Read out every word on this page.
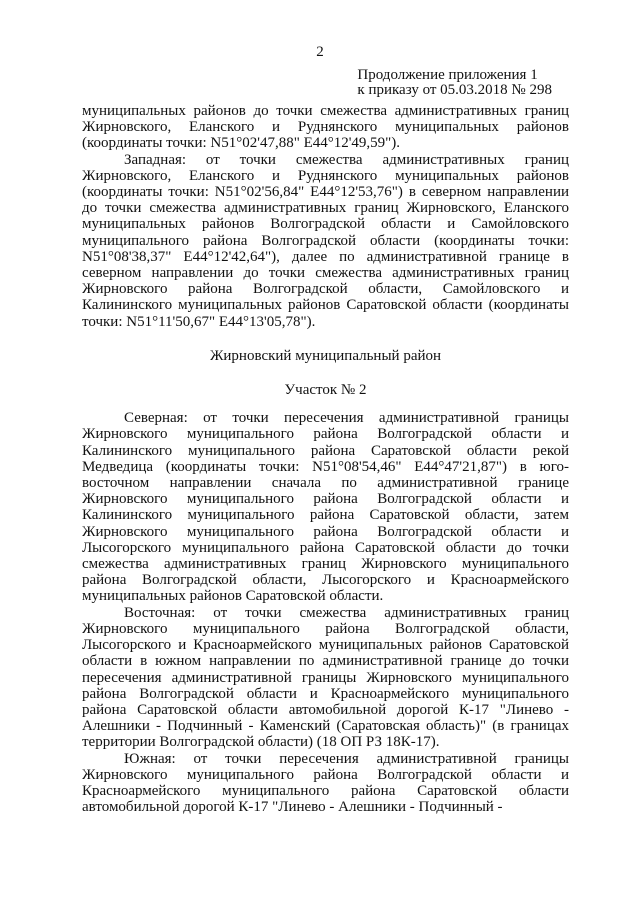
2
Продолжение приложения 1
к приказу от 05.03.2018 № 298

муниципальных районов до точки смежества административных границ Жирновского, Еланского и Руднянского муниципальных районов (координаты точки: N51°02'47,88" E44°12'49,59").

Западная: от точки смежества административных границ Жирновского, Еланского и Руднянского муниципальных районов (координаты точки: N51°02'56,84" E44°12'53,76") в северном направлении до точки смежества административных границ Жирновского, Еланского муниципальных районов Волгоградской области и Самойловского муниципального района Волгоградской области (координаты точки: N51°08'38,37" E44°12'42,64"), далее по административной границе в северном направлении до точки смежества административных границ Жирновского района Волгоградской области, Самойловского и Калининского муниципальных районов Саратовской области (координаты точки: N51°11'50,67" E44°13'05,78").

Жирновский муниципальный район

Участок № 2

Северная: от точки пересечения административной границы Жирновского муниципального района Волгоградской области и Калининского муниципального района Саратовской области рекой Медведица (координаты точки: N51°08'54,46" E44°47'21,87") в юго-восточном направлении сначала по административной границе Жирновского муниципального района Волгоградской области и Калининского муниципального района Саратовской области, затем Жирновского муниципального района Волгоградской области и Лысогорского муниципального района Саратовской области до точки смежества административных границ Жирновского муниципального района Волгоградской области, Лысогорского и Красноармейского муниципальных районов Саратовской области.

Восточная: от точки смежества административных границ Жирновского муниципального района Волгоградской области, Лысогорского и Красноармейского муниципальных районов Саратовской области в южном направлении по административной границе до точки пересечения административной границы Жирновского муниципального района Волгоградской области и Красноармейского муниципального района Саратовской области автомобильной дорогой К-17 "Линево - Алешники - Подчинный - Каменский (Саратовская область)" (в границах территории Волгоградской области) (18 ОП РЗ 18К-17).

Южная: от точки пересечения административной границы Жирновского муниципального района Волгоградской области и Красноармейского муниципального района Саратовской области автомобильной дорогой К-17 "Линево - Алешники - Подчинный -
